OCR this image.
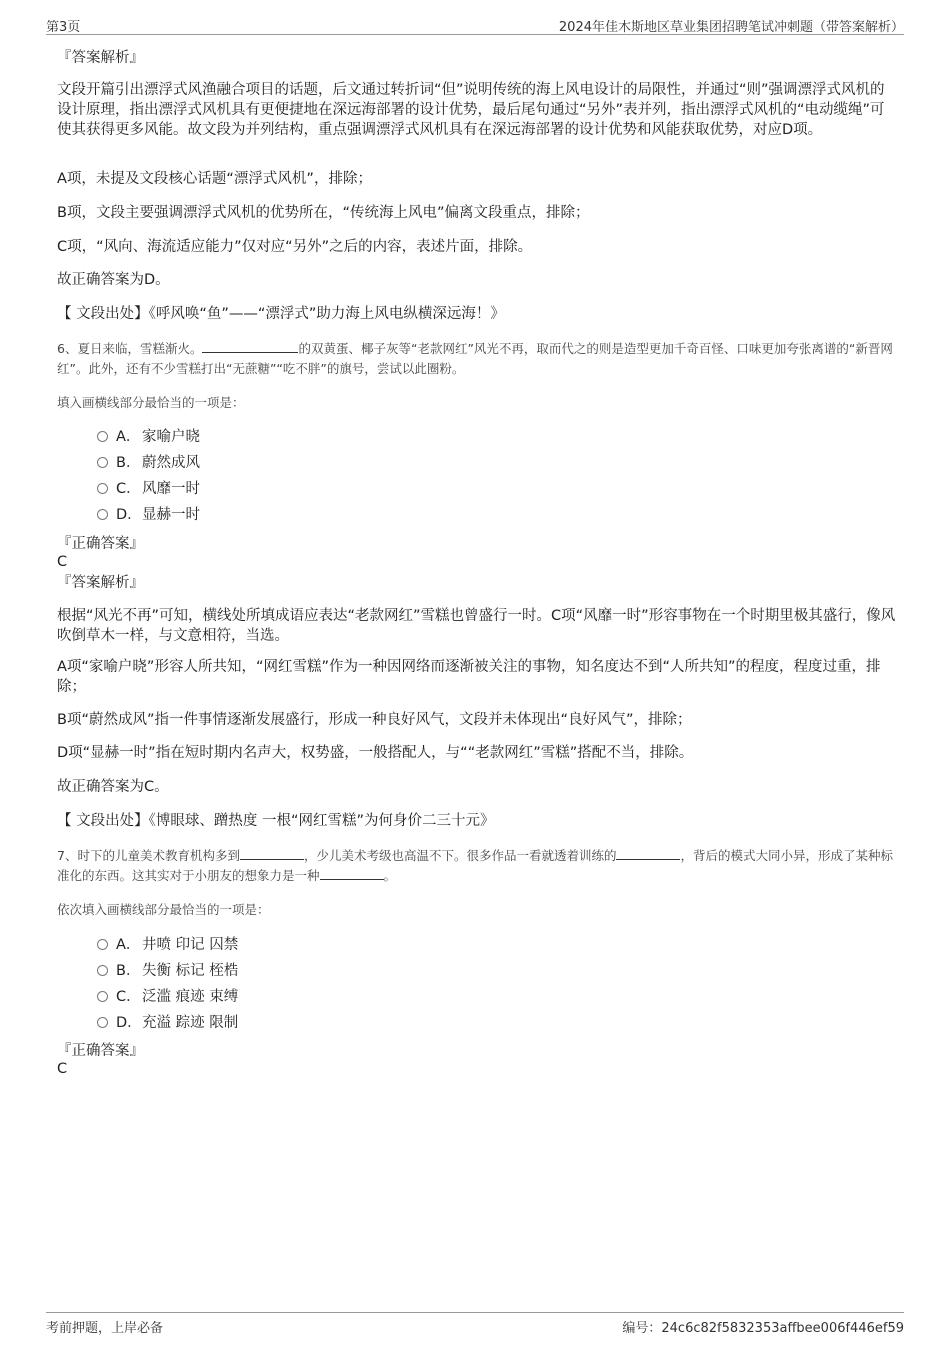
第3页	2024年佳木斯地区草业集团招聘笔试冲刺题（带答案解析）
『答案解析』
文段开篇引出漂浮式风渔融合项目的话题，后文通过转折词“但”说明传统的海上风电设计的局限性，并通过“则”强调漂浮式风机的设计原理，指出漂浮式风机具有更便捷地在深远海部署的设计优势，最后尾句通过“另外”表并列，指出漂浮式风机的“电动缆绳”可使其获得更多风能。故文段为并列结构，重点强调漂浮式风机具有在深远海部署的设计优势和风能获取优势，对应D项。
A项，未提及文段核心话题“漂浮式风机”，排除；
B项，文段主要强调漂浮式风机的优势所在，“传统海上风电”偏离文段重点，排除；
C项，“风向、海流适应能力”仅对应“另外”之后的内容，表述片面，排除。
故正确答案为D。
【 文段出处】《呼风唤“鱼”——“漂浮式”助力海上风电纵横深远海！》
6、夏日来临，雪糕渐火。	的双黄蛋、椰子灰等“老款网红”风光不再，取而代之的则是造型更加千奇百怪、口味更加夸张离谱的“新晋网红”。此外，还有不少雪糕打出“无蔗糖”“吃不胖”的旗号，尝试以此圈粉。
填入画横线部分最恰当的一项是：
A． 家喻户晓
B． 蔚然成风
C．风靡一时
D．显赫一时
『正确答案』
C
『答案解析』
根据“风光不再”可知，横线处所填成语应表达“老款网红”雪糕也曾盛行一时。C项“风靡一时”形容事物在一个时期里极其盛行，像风吹倒草木一样，与文意相符，当选。
A项“家喻户晓”形容人所共知，“网红雪糕”作为一种因网络而逐渐被关注的事物，知名度达不到“人所共知”的程度，程度过重，排除；
B项“蔚然成风”指一件事情逐渐发展盛行，形成一种良好风气，文段并未体现出“良好风气”，排除；
D项“显赫一时”指在短时期内名声大，权势盛，一般搭配人，与““老款网红”雪糕”搭配不当，排除。
故正确答案为C。
【 文段出处】《博眼球、蹭热度 一根“网红雪糕”为何身价二三十元》
7、时下的儿童美术教育机构多到	，少儿美术考级也高温不下。很多作品一看就透着训练的	，背后的模式大同小异，形成了某种标准化的东西。这其实对于小朋友的想象力是一种	。
依次填入画横线部分最恰当的一项是：
A． 井喷 印记 囚禁
B． 失衡 标记 桎梏
C．泛滥 痕迹 束缚
D．充溢 踪迹 限制
『正确答案』
C
考前押题，上岸必备	编号：24c6c82f5832353affbee006f446ef59
